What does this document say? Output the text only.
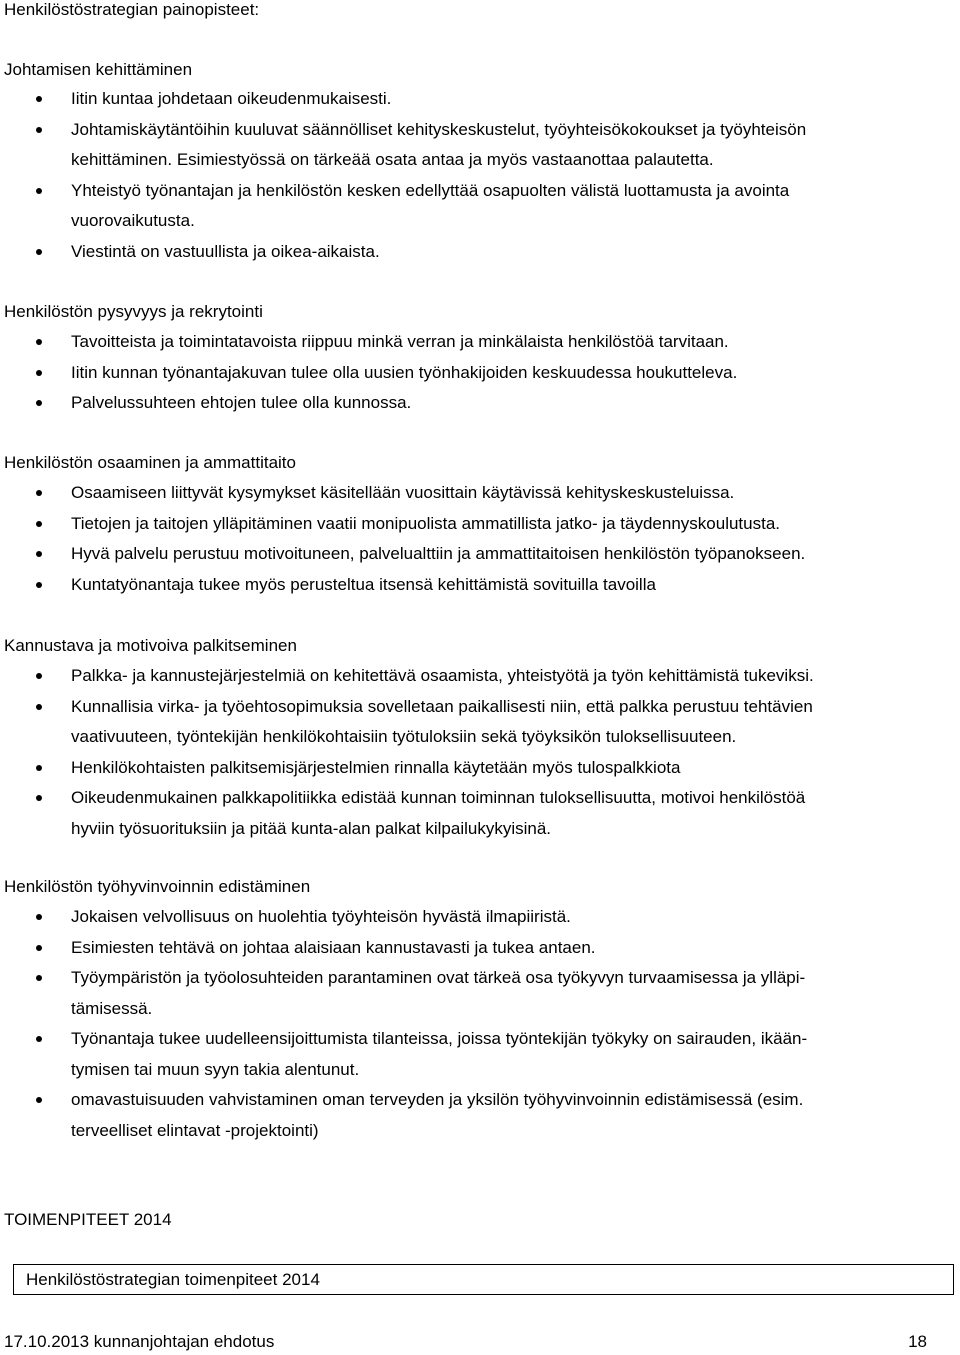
Henkilöstöstrategian painopisteet:
Johtamisen kehittäminen
Iitin kuntaa johdetaan oikeudenmukaisesti.
Johtamiskäytäntöihin kuuluvat säännölliset kehityskeskustelut, työyhteisökokoukset ja työyhteisön
kehittäminen. Esimiestyössä on tärkeää osata antaa ja myös vastaanottaa palautetta.
Yhteistyö työnantajan ja henkilöstön kesken edellyttää osapuolten välistä luottamusta ja avointa
vuorovaikutusta.
Viestintä on vastuullista ja oikea-aikaista.
Henkilöstön pysyvyys ja rekrytointi
Tavoitteista ja toimintatavoista riippuu minkä verran ja minkälaista henkilöstöä tarvitaan.
Iitin kunnan työnantajakuvan tulee olla uusien työnhakijoiden keskuudessa houkutteleva.
Palvelussuhteen ehtojen tulee olla kunnossa.
Henkilöstön osaaminen ja ammattitaito
Osaamiseen liittyvät kysymykset käsitellään vuosittain käytävissä kehityskeskusteluissa.
Tietojen ja taitojen ylläpitäminen vaatii monipuolista ammatillista jatko- ja täydennyskoulutusta.
Hyvä palvelu perustuu motivoituneen, palvelualttiin ja ammattitaitoisen henkilöstön työpanokseen.
Kuntatyönantaja tukee myös perusteltua itsensä kehittämistä sovituilla tavoilla
Kannustava ja motivoiva palkitseminen
Palkka- ja kannustejärjestelmiä on kehitettävä osaamista, yhteistyötä ja työn kehittämistä tukeviksi.
Kunnallisia virka- ja työehtosopimuksia sovelletaan paikallisesti niin, että palkka perustuu tehtävien
vaativuuteen, työntekijän henkilökohtaisiin työtuloksiin sekä työyksikön tuloksellisuuteen.
Henkilökohtaisten palkitsemisjärjestelmien rinnalla käytetään myös tulospalkkiota
Oikeudenmukainen palkkapolitiikka edistää kunnan toiminnan tuloksellisuutta, motivoi henkilöstöä
hyviin työsuorituksiin ja pitää kunta-alan palkat kilpailukykyisinä.
Henkilöstön työhyvinvoinnin edistäminen
Jokaisen velvollisuus on huolehtia työyhteisön hyvästä ilmapiiristä.
Esimiesten tehtävä on johtaa alaisiaan kannustavasti ja tukea antaen.
Työympäristön ja työolosuhteiden parantaminen ovat tärkeä osa työkyvyn turvaamisessa ja ylläpi-
tämisessä.
Työnantaja tukee uudelleensijoittumista tilanteissa, joissa työntekijän työkyky on sairauden, ikään-
tymisen tai muun syyn takia alentunut.
omavastuisuuden vahvistaminen oman terveyden ja yksilön työhyvinvoinnin edistämisessä (esim.
terveelliset elintavat -projektointi)
TOIMENPITEET 2014
Henkilöstöstrategian toimenpiteet 2014
17.10.2013 kunnanjohtajan ehdotus	18
